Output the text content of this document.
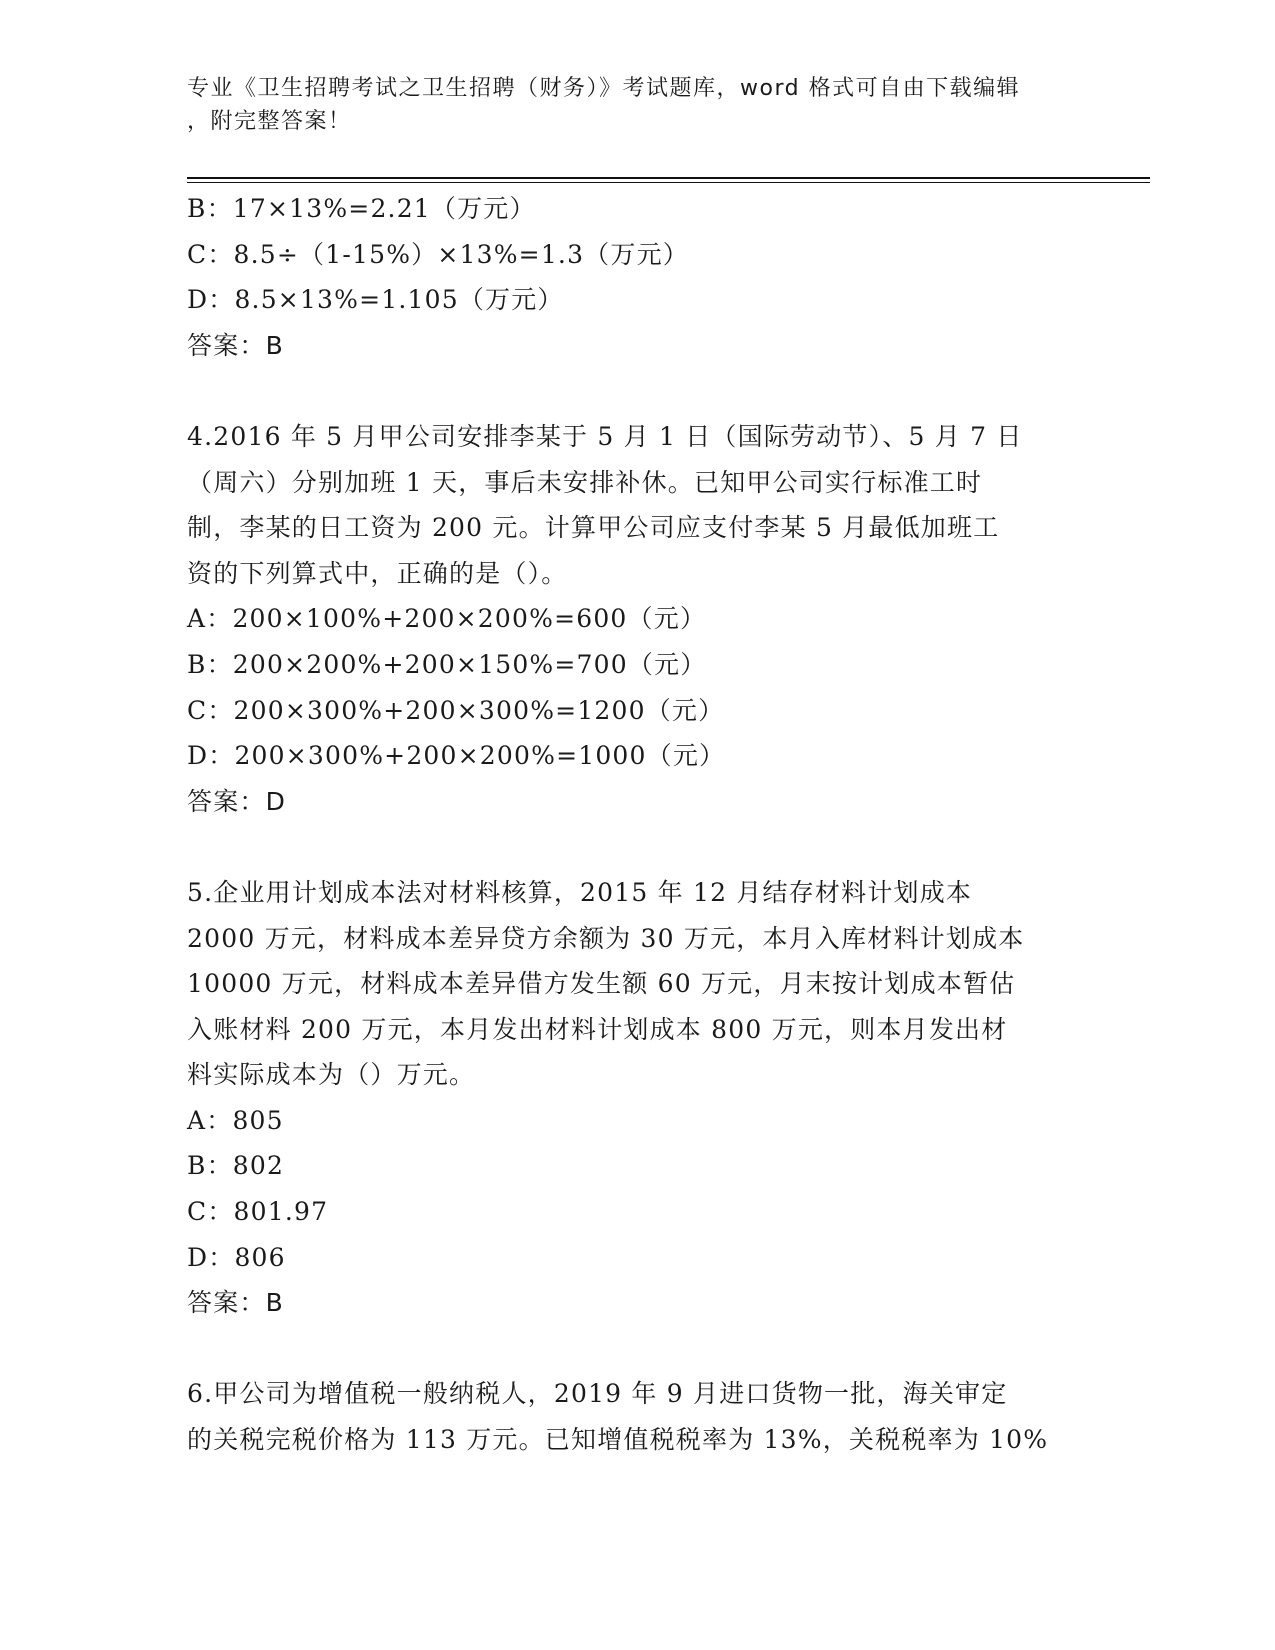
专业《卫生招聘考试之卫生招聘（财务）》考试题库，word 格式可自由下载编辑
，附完整答案！
B：17×13%=2.21（万元）
C：8.5÷（1-15%）×13%=1.3（万元）
D：8.5×13%=1.105（万元）
答案：B
4.2016 年 5 月甲公司安排李某于 5 月 1 日（国际劳动节）、5 月 7 日
（周六）分别加班 1 天，事后未安排补休。已知甲公司实行标准工时
制，李某的日工资为 200 元。计算甲公司应支付李某 5 月最低加班工
资的下列算式中，正确的是（）。
A：200×100%+200×200%=600（元）
B：200×200%+200×150%=700（元）
C：200×300%+200×300%=1200（元）
D：200×300%+200×200%=1000（元）
答案：D
5.企业用计划成本法对材料核算，2015 年 12 月结存材料计划成本
2000 万元，材料成本差异贷方余额为 30 万元，本月入库材料计划成本
10000 万元，材料成本差异借方发生额 60 万元，月末按计划成本暂估
入账材料 200 万元，本月发出材料计划成本 800 万元，则本月发出材
料实际成本为（）万元。
A：805
B：802
C：801.97
D：806
答案：B
6.甲公司为增值税一般纳税人，2019 年 9 月进口货物一批，海关审定
的关税完税价格为 113 万元。已知增值税税率为 13%，关税税率为 10%
